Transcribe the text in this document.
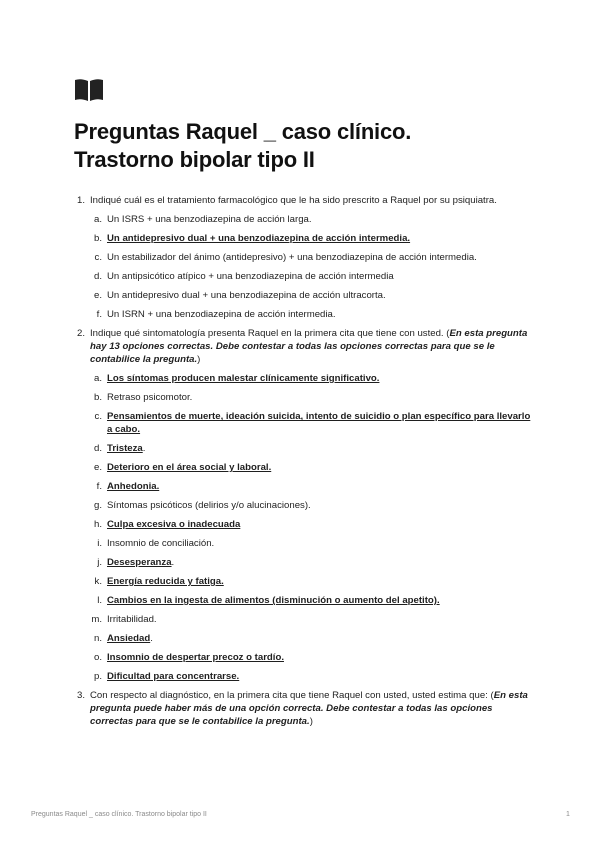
Preguntas Raquel _ caso clínico.
Trastorno bipolar tipo II
1. Indiqué cuál es el tratamiento farmacológico que le ha sido prescrito a Raquel por su psiquiatra.
a. Un ISRS + una benzodiazepina de acción larga.
b. Un antidepresivo dual + una benzodiazepina de acción intermedia.
c. Un estabilizador del ánimo (antidepresivo) + una benzodiazepina de acción intermedia.
d. Un antipsicótico atípico + una benzodiazepina de acción intermedia
e. Un antidepresivo dual + una benzodiazepina de acción ultracorta.
f. Un ISRN + una benzodiazepina de acción intermedia.
2. Indique qué sintomatología presenta Raquel en la primera cita que tiene con usted. (En esta pregunta hay 13 opciones correctas. Debe contestar a todas las opciones correctas para que se le contabilice la pregunta.)
a. Los síntomas producen malestar clínicamente significativo.
b. Retraso psicomotor.
c. Pensamientos de muerte, ideación suicida, intento de suicidio o plan específico para llevarlo a cabo.
d. Tristeza.
e. Deterioro en el área social y laboral.
f. Anhedonia.
g. Síntomas psicóticos (delirios y/o alucinaciones).
h. Culpa excesiva o inadecuada
i. Insomnio de conciliación.
j. Desesperanza.
k. Energía reducida y fatiga.
l. Cambios en la ingesta de alimentos (disminución o aumento del apetito).
m. Irritabilidad.
n. Ansiedad.
o. Insomnio de despertar precoz o tardío.
p. Dificultad para concentrarse.
3. Con respecto al diagnóstico, en la primera cita que tiene Raquel con usted, usted estima que: (En esta pregunta puede haber más de una opción correcta. Debe contestar a todas las opciones correctas para que se le contabilice la pregunta.)
Preguntas Raquel _ caso clínico. Trastorno bipolar tipo II	1
